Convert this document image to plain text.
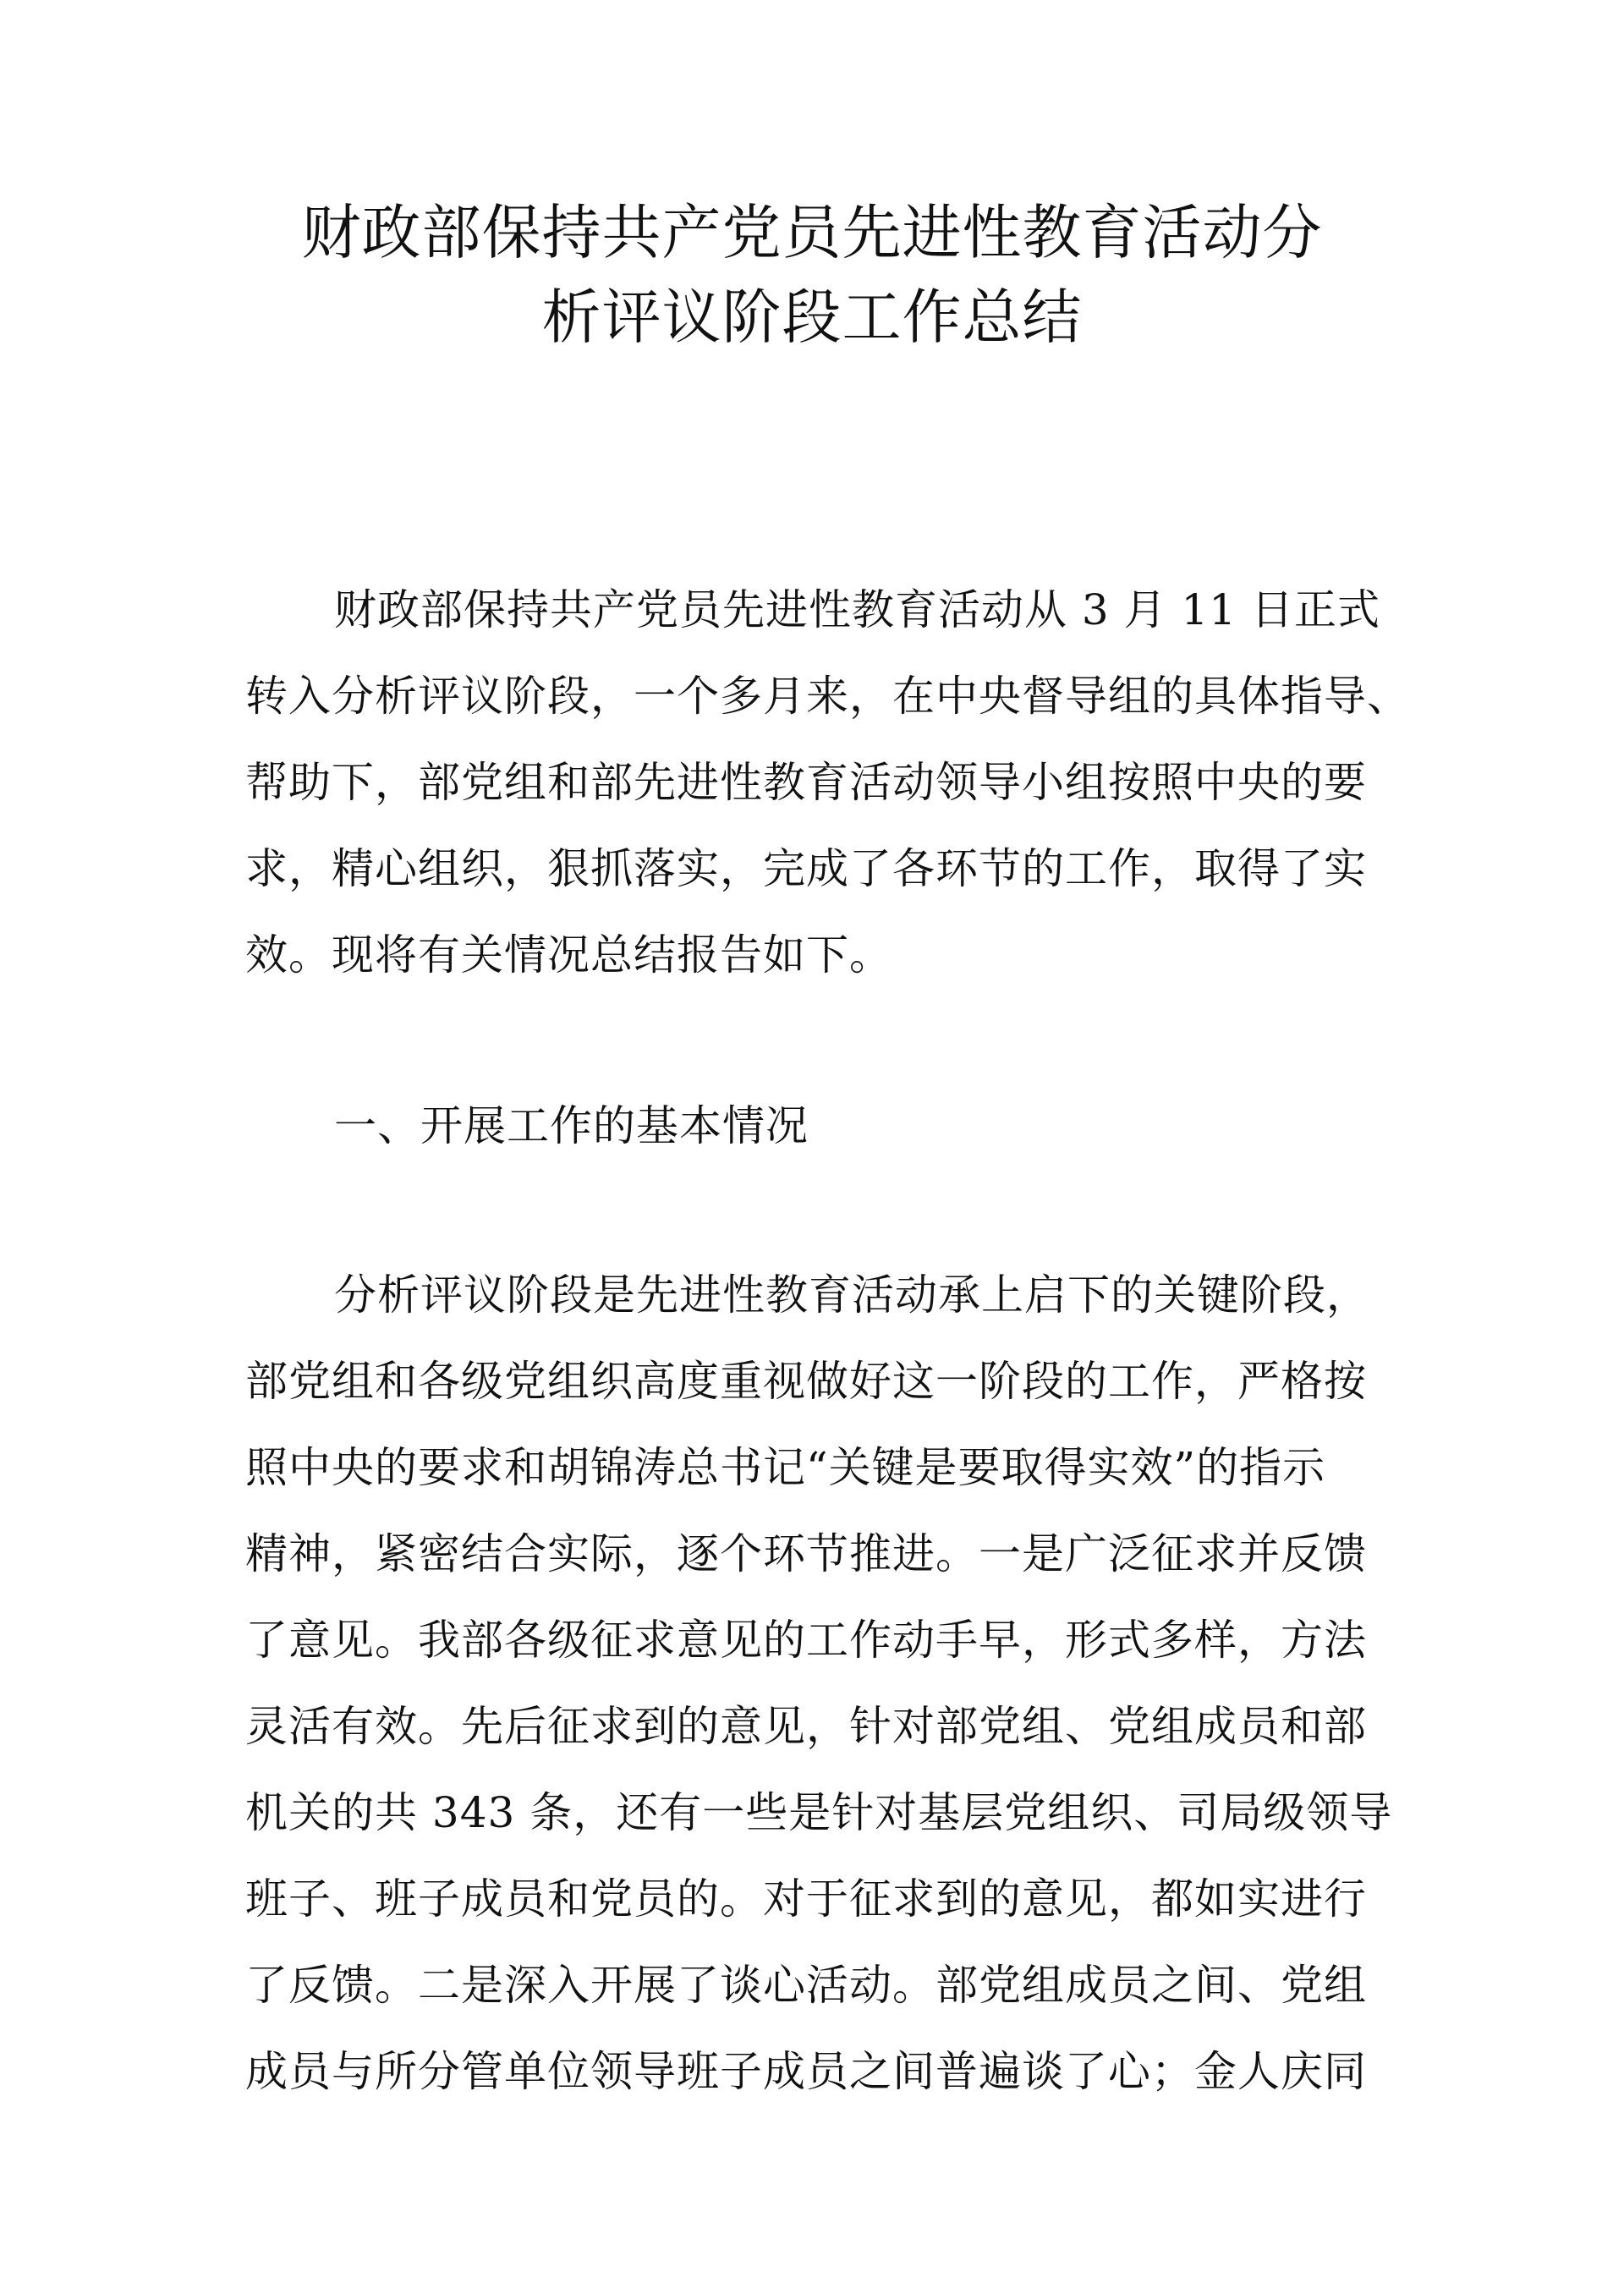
财政部保持共产党员先进性教育活动分
析评议阶段工作总结
财政部保持共产党员先进性教育活动从 3 月 11 日正式
转入分析评议阶段，一个多月来，在中央督导组的具体指导、
帮助下，部党组和部先进性教育活动领导小组按照中央的要
求，精心组织，狠抓落实，完成了各环节的工作，取得了实
效。现将有关情况总结报告如下。
一、开展工作的基本情况
分析评议阶段是先进性教育活动承上启下的关键阶段，
部党组和各级党组织高度重视做好这一阶段的工作，严格按
照中央的要求和胡锦涛总书记“关键是要取得实效”的指示
精神，紧密结合实际，逐个环节推进。一是广泛征求并反馈
了意见。我部各级征求意见的工作动手早，形式多样，方法
灵活有效。先后征求到的意见，针对部党组、党组成员和部
机关的共 343 条，还有一些是针对基层党组织、司局级领导
班子、班子成员和党员的。对于征求到的意见，都如实进行
了反馈。二是深入开展了谈心活动。部党组成员之间、党组
成员与所分管单位领导班子成员之间普遍谈了心；金人庆同
